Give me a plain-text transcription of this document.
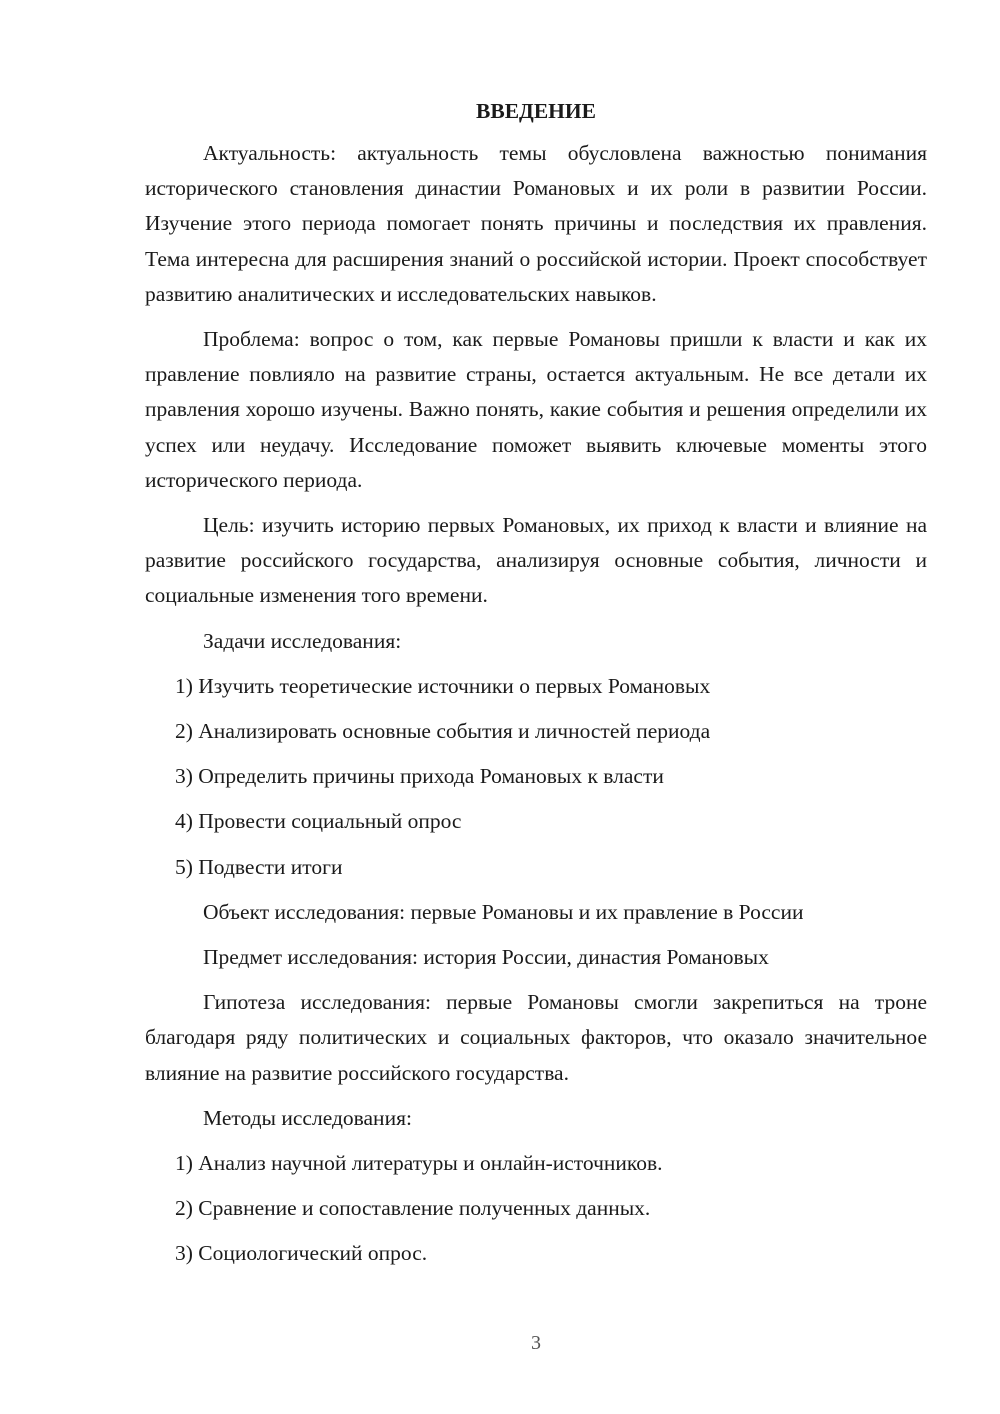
ВВЕДЕНИЕ

Актуальность: актуальность темы обусловлена важностью понимания исторического становления династии Романовых и их роли в развитии России. Изучение этого периода помогает понять причины и последствия их правления. Тема интересна для расширения знаний о российской истории. Проект способствует развитию аналитических и исследовательских навыков.

Проблема: вопрос о том, как первые Романовы пришли к власти и как их правление повлияло на развитие страны, остается актуальным. Не все детали их правления хорошо изучены. Важно понять, какие события и решения определили их успех или неудачу. Исследование поможет выявить ключевые моменты этого исторического периода.

Цель: изучить историю первых Романовых, их приход к власти и влияние на развитие российского государства, анализируя основные события, личности и социальные изменения того времени.

Задачи исследования:

1) Изучить теоретические источники о первых Романовых

2) Анализировать основные события и личностей периода

3) Определить причины прихода Романовых к власти

4) Провести социальный опрос

5) Подвести итоги

Объект исследования: первые Романовы и их правление в России

Предмет исследования: история России, династия Романовых

Гипотеза исследования: первые Романовы смогли закрепиться на троне благодаря ряду политических и социальных факторов, что оказало значительное влияние на развитие российского государства.

Методы исследования:

1) Анализ научной литературы и онлайн-источников.

2) Сравнение и сопоставление полученных данных.

3) Социологический опрос.

3
